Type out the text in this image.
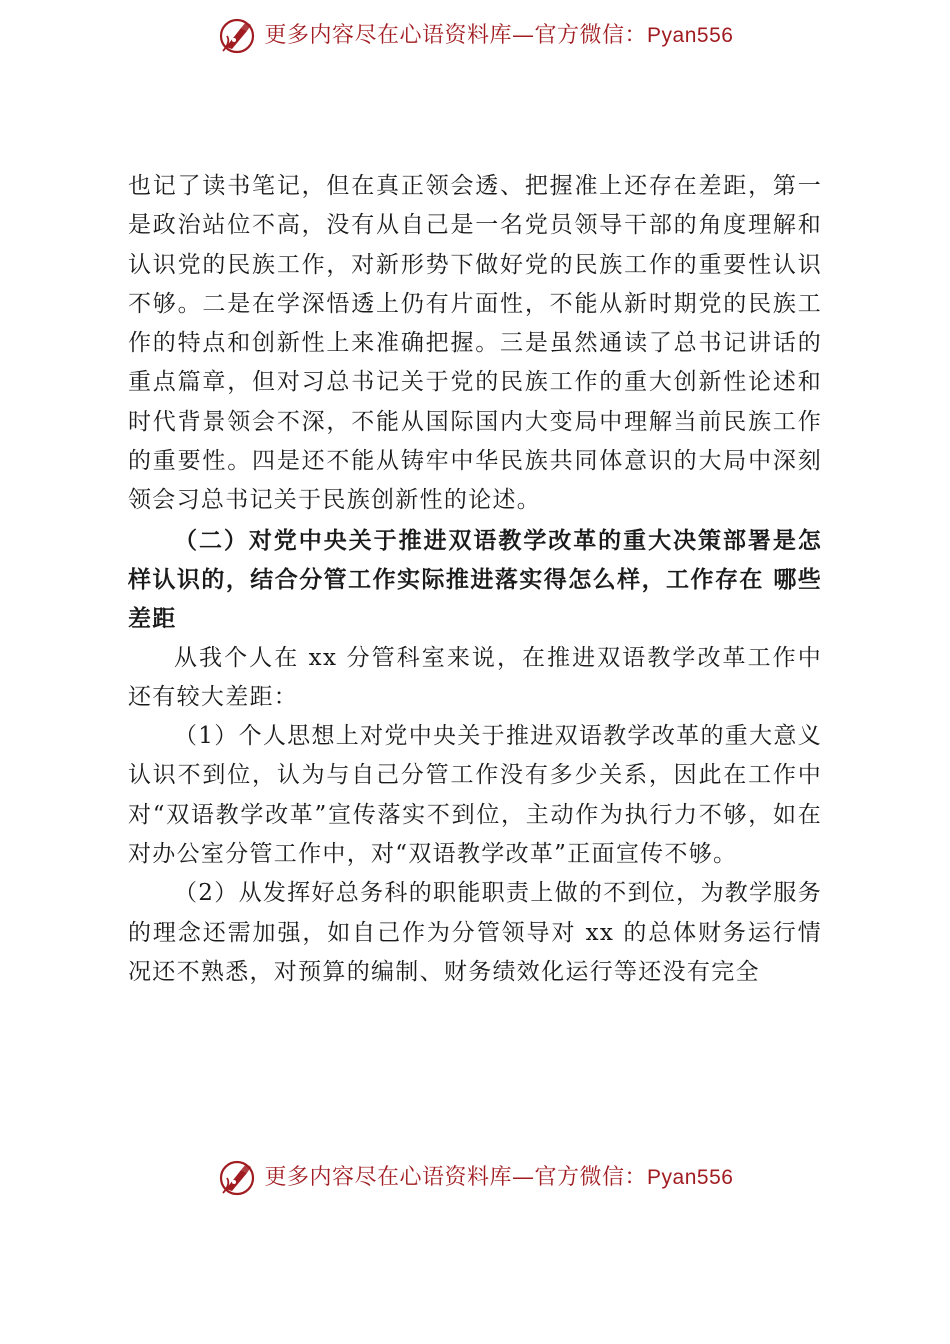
更多内容尽在心语资料库—官方微信：Pyan556

也记了读书笔记，但在真正领会透、把握准上还存在差距，第一是政治站位不高，没有从自己是一名党员领导干部的角度理解和认识党的民族工作，对新形势下做好党的民族工作的重要性认识不够。二是在学深悟透上仍有片面性，不能从新时期党的民族工作的特点和创新性上来准确把握。三是虽然通读了总书记讲话的重点篇章，但对习总书记关于党的民族工作的重大创新性论述和时代背景领会不深，不能从国际国内大变局中理解当前民族工作的重要性。四是还不能从铸牢中华民族共同体意识的大局中深刻领会习总书记关于民族创新性的论述。

（二）对党中央关于推进双语教学改革的重大决策部署是怎样认识的，结合分管工作实际推进落实得怎么样，工作存在 哪些差距

从我个人在 xx 分管科室来说，在推进双语教学改革工作中还有较大差距：

（1）个人思想上对党中央关于推进双语教学改革的重大意义认识不到位，认为与自己分管工作没有多少关系，因此在工作中对“双语教学改革”宣传落实不到位，主动作为执行力不够，如在对办公室分管工作中，对“双语教学改革”正面宣传不够。

（2）从发挥好总务科的职能职责上做的不到位，为教学服务的理念还需加强，如自己作为分管领导对 xx 的总体财务运行情况还不熟悉，对预算的编制、财务绩效化运行等还没有完全

更多内容尽在心语资料库—官方微信：Pyan556
